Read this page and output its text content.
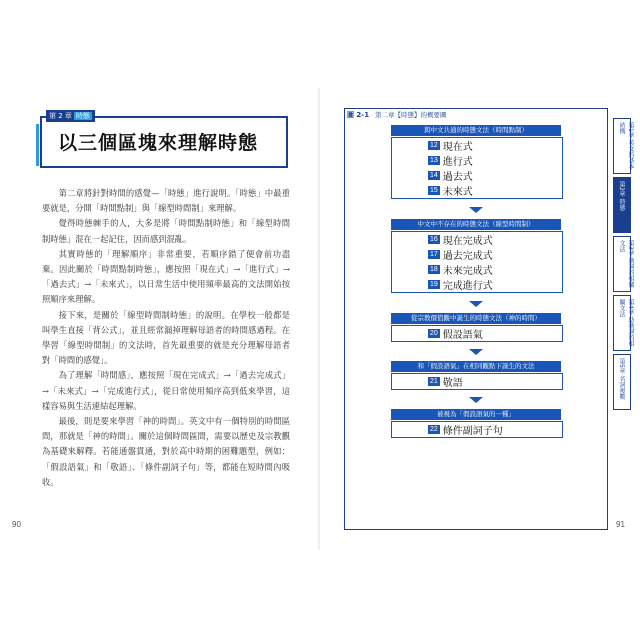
第 2 章 時態
以三個區塊來理解時態

第二章將針對時間的感覺—「時態」進行說明。「時態」中最重要就是，分開「時間點制」與「線型時間制」來理解。

覺得時態棘手的人，大多是將「時間點制時態」和「線型時間制時態」混在一起記住，因而感到混亂。

其實時態的「理解順序」非常重要，若順序錯了便會前功盡棄。因此關於「時間點制時態」，應按照「現在式」→「進行式」→「過去式」→「未來式」，以日常生活中使用頻率最高的文法開始按照順序來理解。

接下來，是關於「線型時間制時態」的說明。在學校一般都是叫學生直接「背公式」，並且經常漏掉理解母語者的時間感過程。在學習「線型時間制」的文法時，首先最重要的就是充分理解母語者對「時間的感覺」。

為了理解「時間感」，應按照「現在完成式」→「過去完成式」→「未來式」→「完成進行式」，從日常使用頻序高到低來學習，這樣容易與生活連結起理解。

最後，則是要來學習「神的時間」。英文中有一個特別的時間區間，那就是「神的時間」。關於這個時間區間，需要以歷史及宗教觀為基礎來解釋。若能通盤貫通，對於高中時期的困難題型，例如：「假設語氣」和「敬語」、「條件副詞子句」等，都能在短時間內吸收。

90
圖 2-1 第二章【時態】的概要圖
與中文共通的時態文法（時間點制）
12 現在式
13 進行式
14 過去式
15 未來式
中文中不存在的時態文法（線型時間制）
16 現在完成式
17 過去完成式
18 未來完成式
19 完成進行式
從宗教價值觀中誕生的時態文法（神的時間）
20 假設語氣
和「假設語氣」在相同觀點下誕生的文法
21 敬語
被視為「假設語氣的一種」
22 條件副詞子句
第1章 英文的基本結構
第2章 時態
第3章 動詞的相關文法
第4章 助動詞的相關文法
第5章 名詞複數
91
